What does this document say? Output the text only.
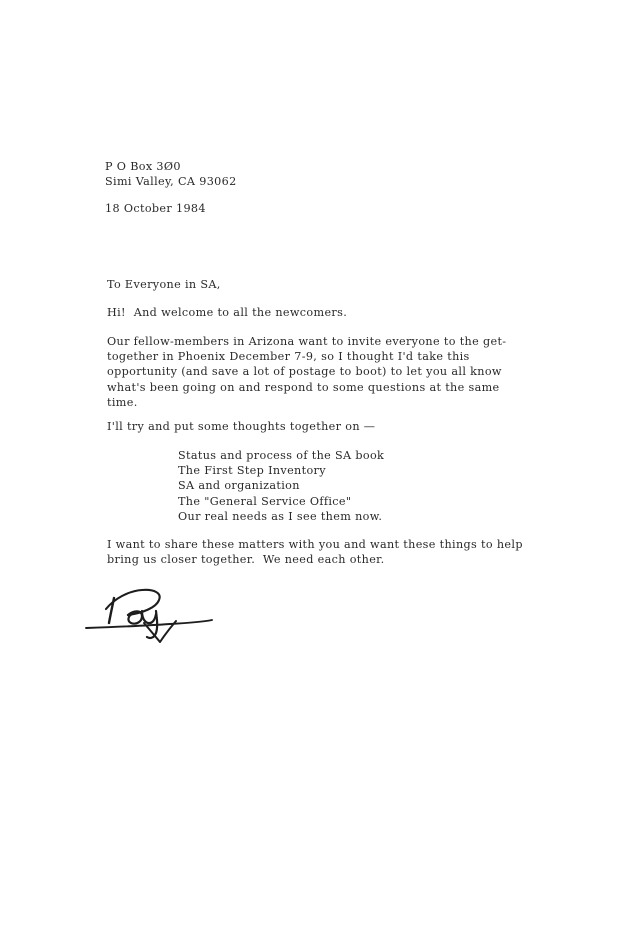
P O Box 3Ø0
Simi Valley, CA 93062
18 October 1984
To Everyone in SA,
Hi!  And welcome to all the newcomers.
Our fellow-members in Arizona want to invite everyone to the get-
together in Phoenix December 7-9, so I thought I'd take this
opportunity (and save a lot of postage to boot) to let you all know
what's been going on and respond to some questions at the same
time.
I'll try and put some thoughts together on —
Status and process of the SA book
The First Step Inventory
SA and organization
The "General Service Office"
Our real needs as I see them now.
I want to share these matters with you and want these things to help
bring us closer together.  We need each other.
